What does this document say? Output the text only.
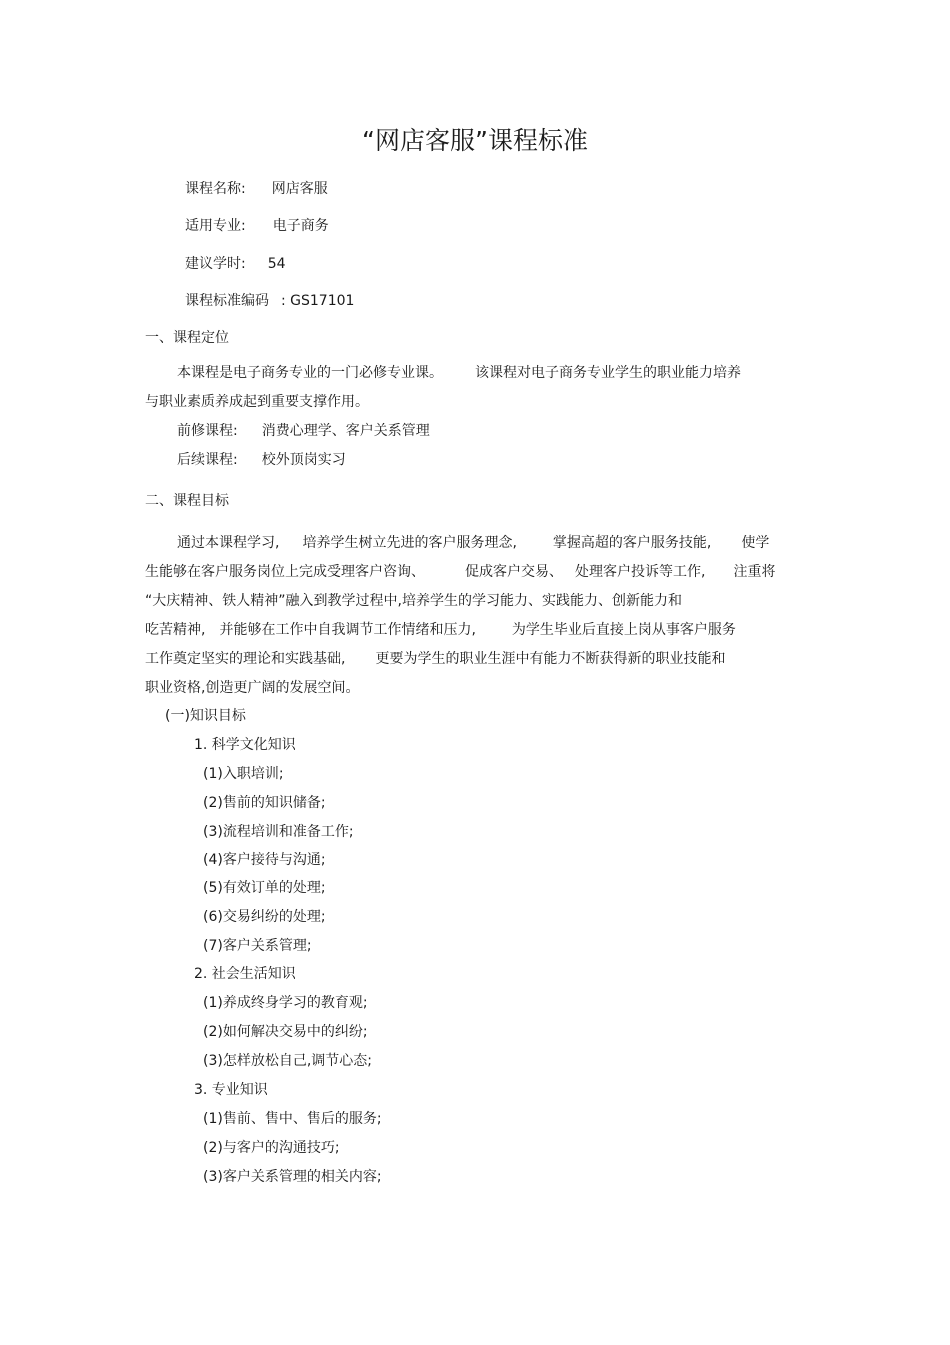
“网店客服”课程标准
课程名称: 网店客服
适用专业: 电子商务
建议学时: 54
课程标准编码 : GS17101
一、课程定位
本课程是电子商务专业的一门必修专业课。 该课程对电子商务专业学生的职业能力培养
与职业素质养成起到重要支撑作用。
前修课程: 消费心理学、客户关系管理
后续课程: 校外顶岗实习
二、课程目标
通过本课程学习, 培养学生树立先进的客户服务理念,	掌握高超的客户服务技能, 使学
生能够在客户服务岗位上完成受理客户咨询、	促成客户交易、 处理客户投诉等工作, 注重将
“大庆精神、铁人精神”融入到教学过程中,培养学生的学习能力、实践能力、创新能力和
吃苦精神, 并能够在工作中自我调节工作情绪和压力,	为学生毕业后直接上岗从事客户服务
工作奠定坚实的理论和实践基础, 更要为学生的职业生涯中有能力不断获得新的职业技能和
职业资格,创造更广阔的发展空间。
(一)知识目标
1. 科学文化知识
(1)入职培训;
(2)售前的知识储备;
(3)流程培训和准备工作;
(4)客户接待与沟通;
(5)有效订单的处理;
(6)交易纠纷的处理;
(7)客户关系管理;
2. 社会生活知识
(1)养成终身学习的教育观;
(2)如何解决交易中的纠纷;
(3)怎样放松自己,调节心态;
3. 专业知识
(1)售前、售中、售后的服务;
(2)与客户的沟通技巧;
(3)客户关系管理的相关内容;
